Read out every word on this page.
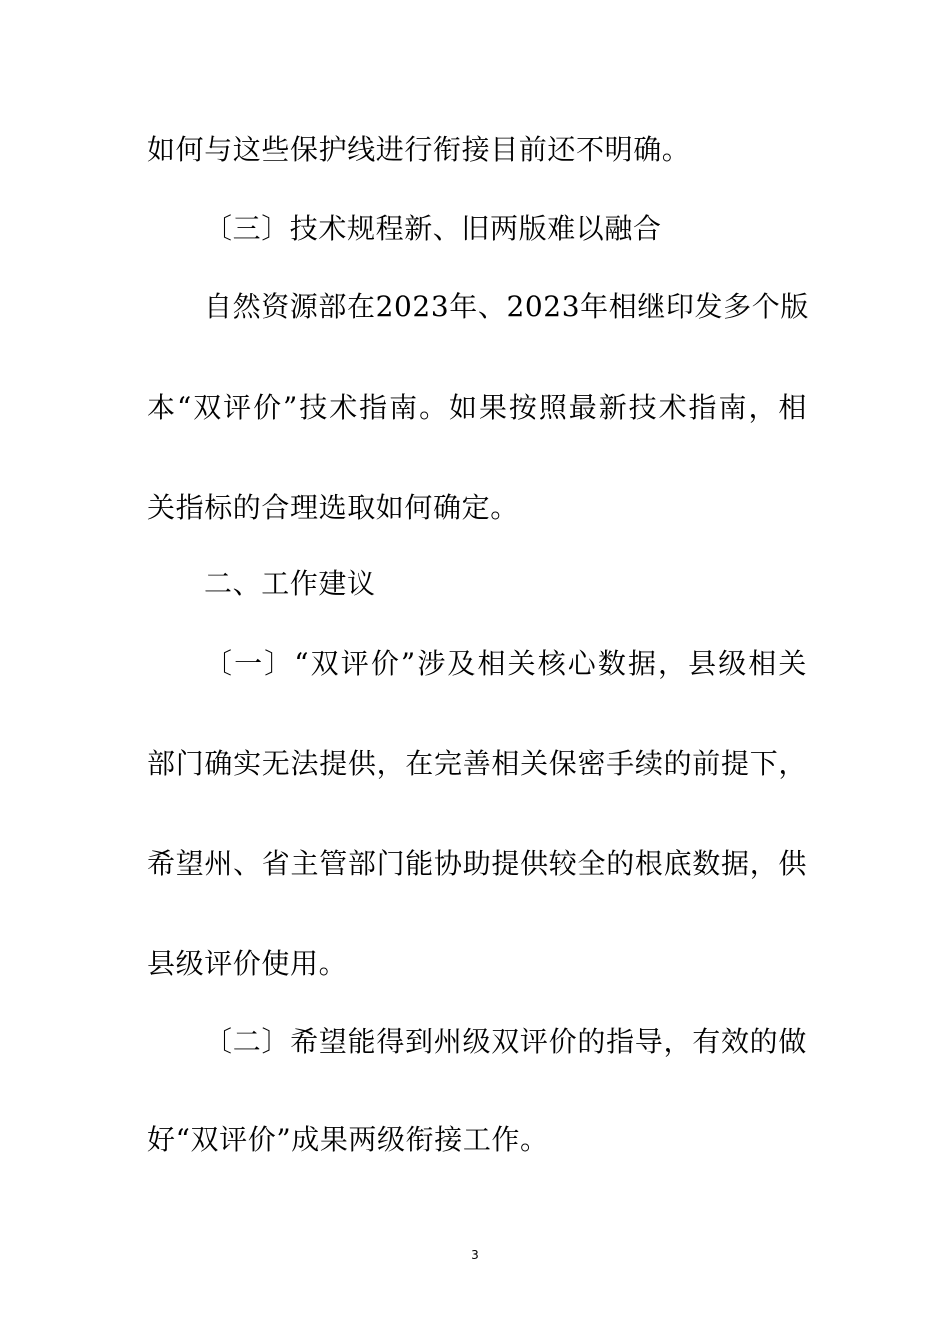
如何与这些保护线进行衔接目前还不明确。
〔三〕技术规程新、旧两版难以融合
自然资源部在2023年、2023年相继印发多个版
本“双评价”技术指南。如果按照最新技术指南，相
关指标的合理选取如何确定。
二、工作建议
〔一〕“双评价”涉及相关核心数据，县级相关
部门确实无法提供，在完善相关保密手续的前提下，
希望州、省主管部门能协助提供较全的根底数据，供
县级评价使用。
〔二〕希望能得到州级双评价的指导，有效的做
好“双评价”成果两级衔接工作。
3
